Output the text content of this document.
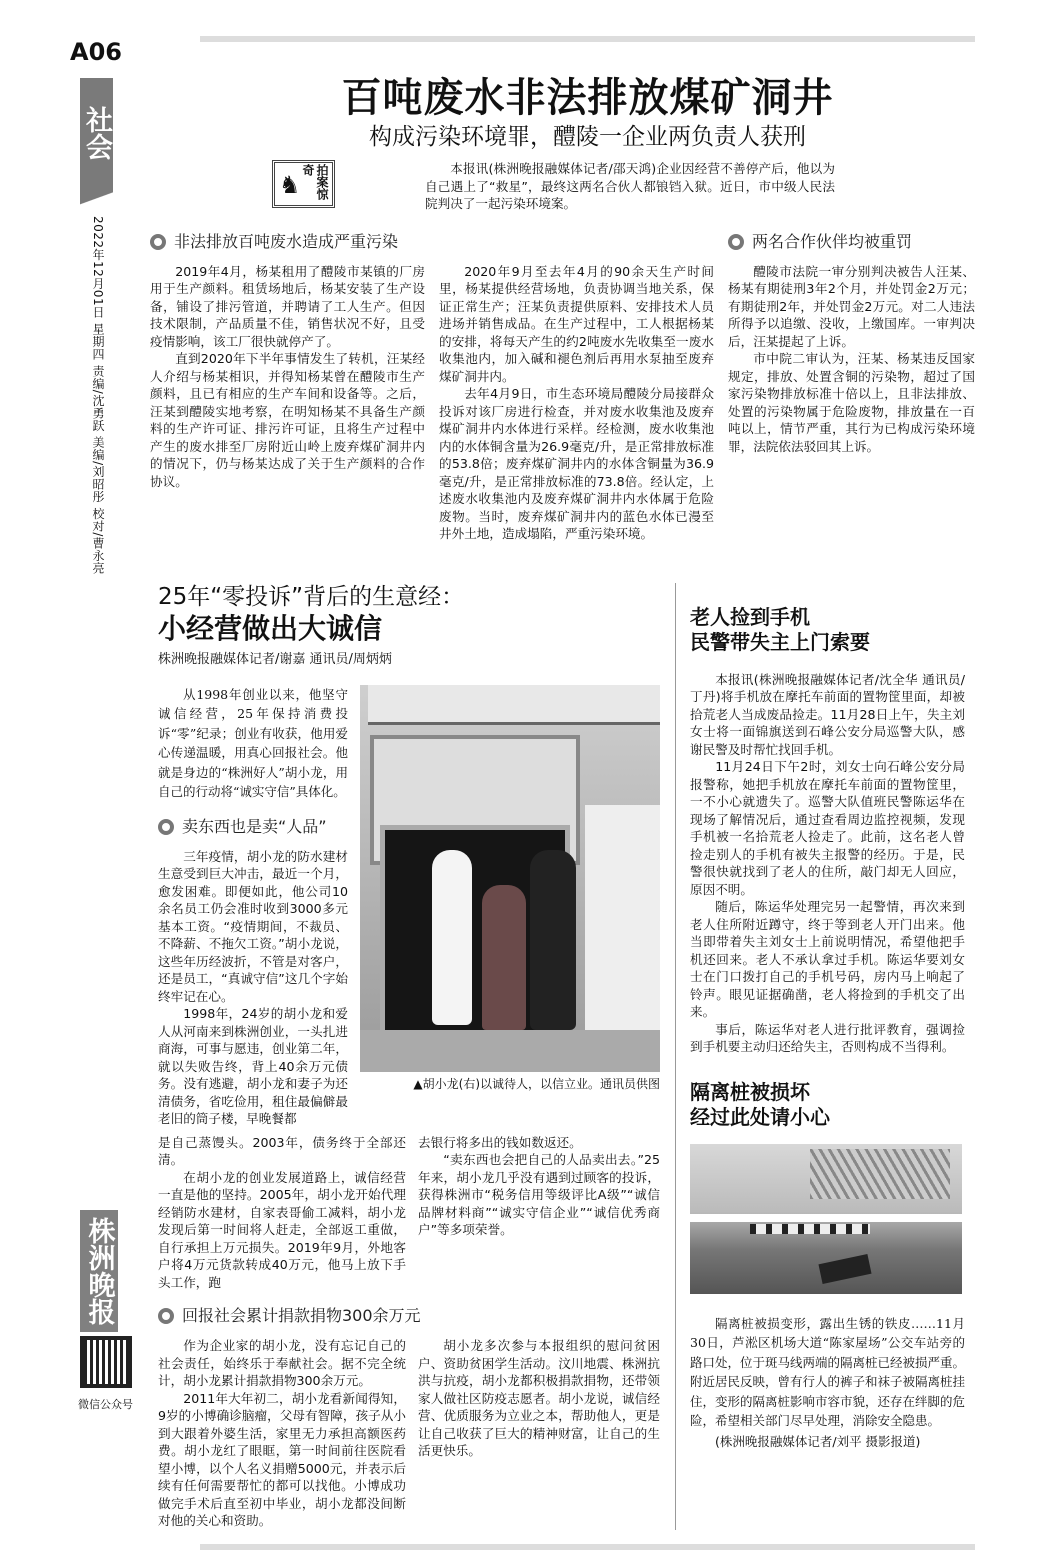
A06
社会
2022年12月01日 星期四 责编/沈勇跃 美编/刘昭彤 校对/曹永亮
株洲晚报
微信公众号
百吨废水非法排放煤矿洞井
构成污染环境罪，醴陵一企业两负责人获刑
♞	拍案惊奇	本报讯(株洲晚报融媒体记者/邵天鸿)企业因经营不善停产后，他以为自己遇上了“救星”，最终这两名合伙人都锒铛入狱。近日，市中级人民法院判决了一起污染环境案。

非法排放百吨废水造成严重污染

2019年4月，杨某租用了醴陵市某镇的厂房用于生产颜料。租赁场地后，杨某安装了生产设备，铺设了排污管道，并聘请了工人生产。但因技术限制，产品质量不佳，销售状况不好，且受疫情影响，该工厂很快就停产了。

直到2020年下半年事情发生了转机，汪某经人介绍与杨某相识，并得知杨某曾在醴陵市生产颜料，且已有相应的生产车间和设备等。之后，汪某到醴陵实地考察，在明知杨某不具备生产颜料的生产许可证、排污许可证，且将生产过程中产生的废水排至厂房附近山岭上废弃煤矿洞井内的情况下，仍与杨某达成了关于生产颜料的合作协议。

2020年9月至去年4月的90余天生产时间里，杨某提供经营场地，负责协调当地关系，保证正常生产；汪某负责提供原料、安排技术人员进场并销售成品。在生产过程中，工人根据杨某的安排，将每天产生的约2吨废水先收集至一废水收集池内，加入碱和褪色剂后再用水泵抽至废弃煤矿洞井内。

去年4月9日，市生态环境局醴陵分局接群众投诉对该厂房进行检查，并对废水收集池及废弃煤矿洞井内水体进行采样。经检测，废水收集池内的水体铜含量为26.9毫克/升，是正常排放标准的53.8倍；废弃煤矿洞井内的水体含铜量为36.9毫克/升，是正常排放标准的73.8倍。经认定，上述废水收集池内及废弃煤矿洞井内水体属于危险废物。当时，废弃煤矿洞井内的蓝色水体已漫至井外土地，造成塌陷，严重污染环境。

两名合作伙伴均被重罚

醴陵市法院一审分别判决被告人汪某、杨某有期徒刑3年2个月，并处罚金2万元；有期徒刑2年，并处罚金2万元。对二人违法所得予以追缴、没收，上缴国库。一审判决后，汪某提起了上诉。

市中院二审认为，汪某、杨某违反国家规定，排放、处置含铜的污染物，超过了国家污染物排放标准十倍以上，且非法排放、处置的污染物属于危险废物，排放量在一百吨以上，情节严重，其行为已构成污染环境罪，法院依法驳回其上诉。

25年“零投诉”背后的生意经：
小经营做出大诚信
株洲晚报融媒体记者/谢嘉 通讯员/周炳炳

从1998年创业以来，他坚守诚信经营，25年保持消费投诉“零”纪录；创业有收获，他用爱心传递温暖，用真心回报社会。他就是身边的“株洲好人”胡小龙，用自己的行动将“诚实守信”具体化。

卖东西也是卖“人品”

三年疫情，胡小龙的防水建材生意受到巨大冲击，最近一个月，愈发困难。即便如此，他公司10余名员工仍会准时收到3000多元基本工资。“疫情期间，不裁员、不降薪、不拖欠工资。”胡小龙说，这些年历经波折，不管是对客户，还是员工，“真诚守信”这几个字始终牢记在心。

1998年，24岁的胡小龙和爱人从河南来到株洲创业，一头扎进商海，可事与愿违，创业第二年，就以失败告终，背上40余万元债务。没有逃避，胡小龙和妻子为还清债务，省吃俭用，租住最偏僻最老旧的筒子楼，早晚餐都

▲胡小龙(右)以诚待人，以信立业。通讯员供图

是自己蒸馒头。2003年，债务终于全部还清。

在胡小龙的创业发展道路上，诚信经营一直是他的坚持。2005年，胡小龙开始代理经销防水建材，自家表哥偷工减料，胡小龙发现后第一时间将人赶走，全部返工重做，自行承担上万元损失。2019年9月，外地客户将4万元货款转成40万元，他马上放下手头工作，跑

去银行将多出的钱如数返还。

“卖东西也会把自己的人品卖出去。”25年来，胡小龙几乎没有遇到过顾客的投诉，获得株洲市“税务信用等级评比A级”“诚信品牌材料商”“诚实守信企业”“诚信优秀商户”等多项荣誉。

回报社会累计捐款捐物300余万元

作为企业家的胡小龙，没有忘记自己的社会责任，始终乐于奉献社会。据不完全统计，胡小龙累计捐款捐物300余万元。

2011年大年初二，胡小龙看新闻得知，9岁的小博确诊脑瘤，父母有智障，孩子从小到大跟着外婆生活，家里无力承担高额医药费。胡小龙红了眼眶，第一时间前往医院看望小博，以个人名义捐赠5000元，并表示后续有任何需要帮忙的都可以找他。小博成功做完手术后直至初中毕业，胡小龙都没间断对他的关心和资助。

胡小龙多次参与本报组织的慰问贫困户、资助贫困学生活动。汶川地震、株洲抗洪与抗疫，胡小龙都积极捐款捐物，还带领家人做社区防疫志愿者。胡小龙说，诚信经营、优质服务为立业之本，帮助他人，更是让自己收获了巨大的精神财富，让自己的生活更快乐。

老人捡到手机
民警带失主上门索要

本报讯(株洲晚报融媒体记者/沈全华 通讯员/丁丹)将手机放在摩托车前面的置物筐里面，却被拾荒老人当成废品捡走。11月28日上午，失主刘女士将一面锦旗送到石峰公安分局巡警大队，感谢民警及时帮忙找回手机。

11月24日下午2时，刘女士向石峰公安分局报警称，她把手机放在摩托车前面的置物筐里，一不小心就遗失了。巡警大队值班民警陈运华在现场了解情况后，通过查看周边监控视频，发现手机被一名拾荒老人捡走了。此前，这名老人曾捡走别人的手机有被失主报警的经历。于是，民警很快就找到了老人的住所，敲门却无人回应，原因不明。

随后，陈运华处理完另一起警情，再次来到老人住所附近蹲守，终于等到老人开门出来。他当即带着失主刘女士上前说明情况，希望他把手机还回来。老人不承认拿过手机。陈运华要刘女士在门口拨打自己的手机号码，房内马上响起了铃声。眼见证据确凿，老人将捡到的手机交了出来。

事后，陈运华对老人进行批评教育，强调捡到手机要主动归还给失主，否则构成不当得利。

隔离桩被损坏
经过此处请小心

隔离桩被损变形，露出生锈的铁皮……11月30日，芦淞区机场大道“陈家屋场”公交车站旁的路口处，位于斑马线两端的隔离桩已经被损严重。附近居民反映，曾有行人的裤子和袜子被隔离桩挂住，变形的隔离桩影响市容市貌，还存在绊脚的危险，希望相关部门尽早处理，消除安全隐患。

(株洲晚报融媒体记者/刘平 摄影报道)
